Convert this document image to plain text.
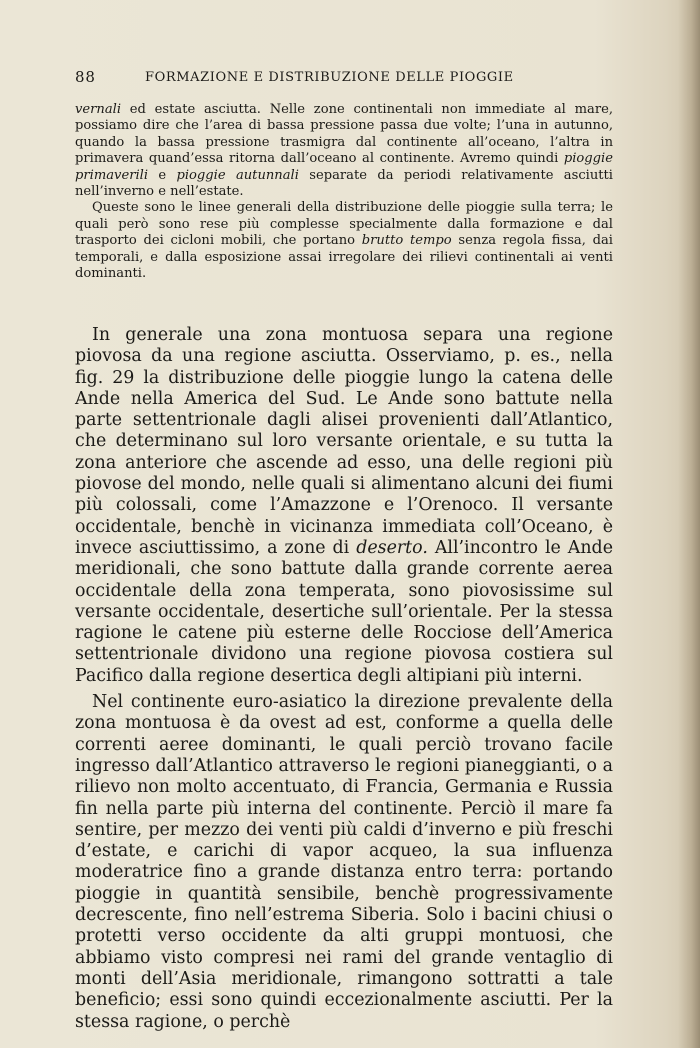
88	FORMAZIONE E DISTRIBUZIONE DELLE PIOGGIE

vernali ed estate asciutta. Nelle zone continentali non immediate al mare, possiamo dire che l’area di bassa pressione passa due volte; l’una in autunno, quando la bassa pressione trasmigra dal continente all’oceano, l’altra in primavera quand’essa ritorna dall’oceano al continente. Avremo quindi pioggie primaverili e pioggie autunnali separate da periodi relativamente asciutti nell’inverno e nell’estate.

Queste sono le linee generali della distribuzione delle pioggie sulla terra; le quali però sono rese più complesse specialmente dalla formazione e dal trasporto dei cicloni mobili, che portano brutto tempo senza regola fissa, dai temporali, e dalla esposizione assai irregolare dei rilievi continentali ai venti dominanti.

In generale una zona montuosa separa una regione piovosa da una regione asciutta. Osserviamo, p. es., nella fig. 29 la distribuzione delle pioggie lungo la catena delle Ande nella America del Sud. Le Ande sono battute nella parte settentrionale dagli alisei provenienti dall’Atlantico, che determinano sul loro versante orientale, e su tutta la zona anteriore che ascende ad esso, una delle regioni più piovose del mondo, nelle quali si alimentano alcuni dei fiumi più colossali, come l’Amazzone e l’Orenoco. Il versante occidentale, benchè in vicinanza immediata coll’Oceano, è invece asciuttissimo, a zone di deserto. All’incontro le Ande meridionali, che sono battute dalla grande corrente aerea occidentale della zona temperata, sono piovosissime sul versante occidentale, desertiche sull’orientale. Per la stessa ragione le catene più esterne delle Rocciose dell’America settentrionale dividono una regione piovosa costiera sul Pacifico dalla regione desertica degli altipiani più interni.

Nel continente euro-asiatico la direzione prevalente della zona montuosa è da ovest ad est, conforme a quella delle correnti aeree dominanti, le quali perciò trovano facile ingresso dall’Atlantico attraverso le regioni pianeggianti, o a rilievo non molto accentuato, di Francia, Germania e Russia fin nella parte più interna del continente. Perciò il mare fa sentire, per mezzo dei venti più caldi d’inverno e più freschi d’estate, e carichi di vapor acqueo, la sua influenza moderatrice fino a grande distanza entro terra: portando pioggie in quantità sensibile, benchè progressivamente decrescente, fino nell’estrema Siberia. Solo i bacini chiusi o protetti verso occidente da alti gruppi montuosi, che abbiamo visto compresi nei rami del grande ventaglio di monti dell’Asia meridionale, rimangono sottratti a tale beneficio; essi sono quindi eccezionalmente asciutti. Per la stessa ragione, o perchè
